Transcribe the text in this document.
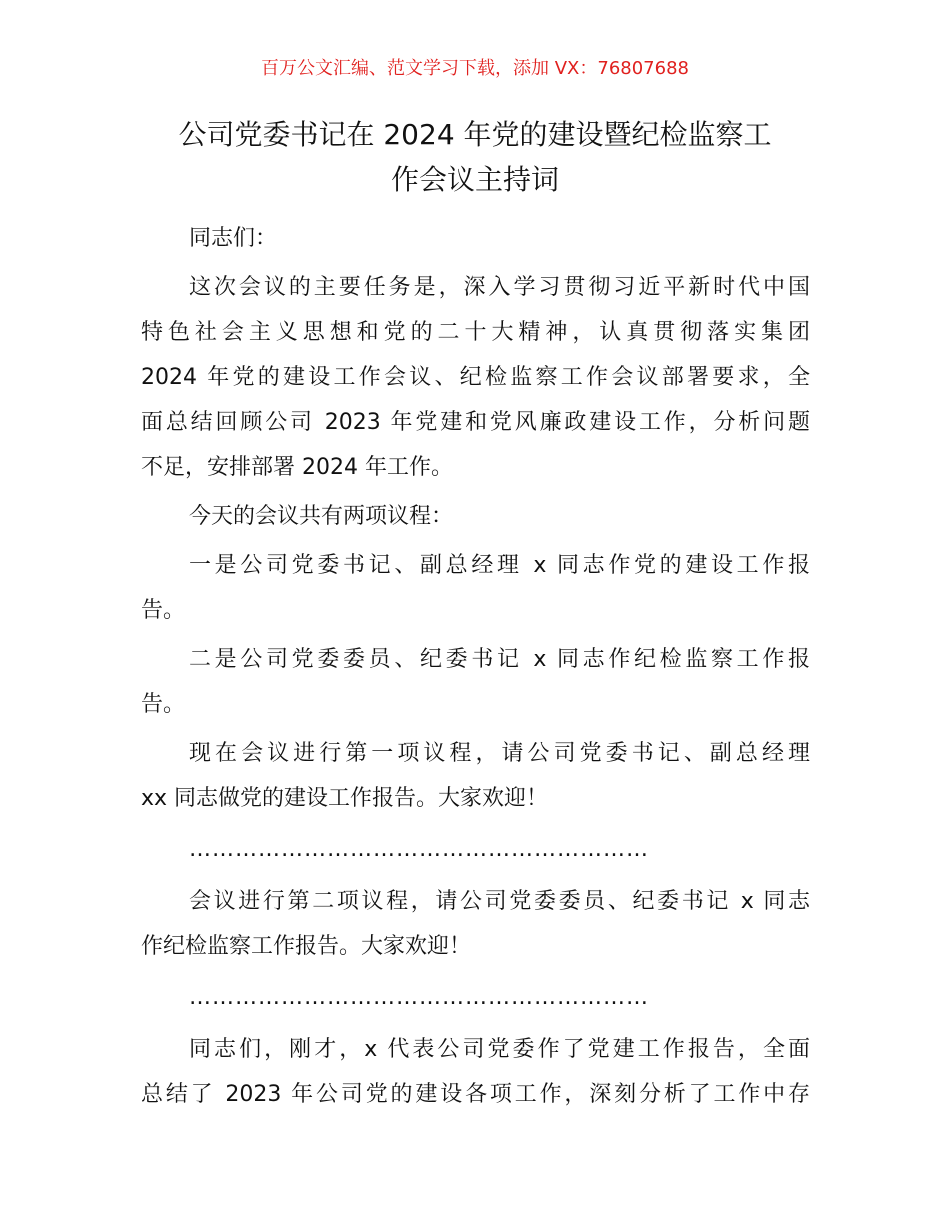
百万公文汇编、范文学习下载，添加 VX：76807688
公司党委书记在 2024 年党的建设暨纪检监察工
作会议主持词
同志们：
这次会议的主要任务是，深入学习贯彻习近平新时代中国
特色社会主义思想和党的二十大精神，认真贯彻落实集团
2024 年党的建设工作会议、纪检监察工作会议部署要求，全
面总结回顾公司 2023 年党建和党风廉政建设工作，分析问题
不足，安排部署 2024 年工作。
今天的会议共有两项议程：
一是公司党委书记、副总经理 x 同志作党的建设工作报
告。
二是公司党委委员、纪委书记 x 同志作纪检监察工作报
告。
现在会议进行第一项议程，请公司党委书记、副总经理
xx 同志做党的建设工作报告。大家欢迎！
……………………………………………………
会议进行第二项议程，请公司党委委员、纪委书记 x 同志
作纪检监察工作报告。大家欢迎！
……………………………………………………
同志们，刚才，x 代表公司党委作了党建工作报告，全面
总结了 2023 年公司党的建设各项工作，深刻分析了工作中存
